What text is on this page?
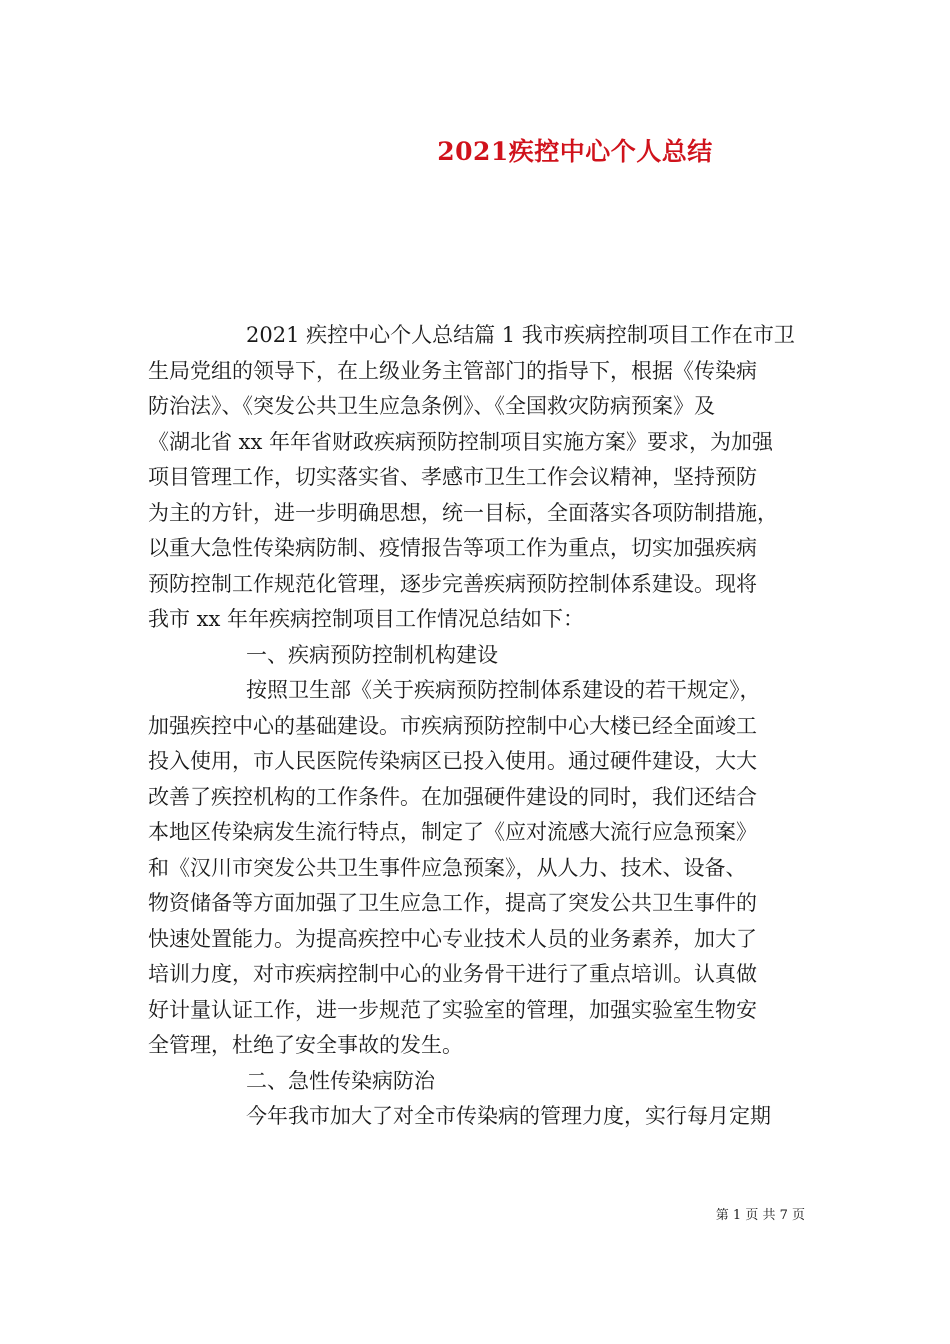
2021疾控中心个人总结
2021 疾控中心个人总结篇 1 我市疾病控制项目工作在市卫
生局党组的领导下，在上级业务主管部门的指导下，根据《传染病
防治法》、《突发公共卫生应急条例》、《全国救灾防病预案》及
《湖北省 xx 年年省财政疾病预防控制项目实施方案》要求，为加强
项目管理工作，切实落实省、孝感市卫生工作会议精神，坚持预防
为主的方针，进一步明确思想，统一目标，全面落实各项防制措施，
以重大急性传染病防制、疫情报告等项工作为重点，切实加强疾病
预防控制工作规范化管理，逐步完善疾病预防控制体系建设。现将
我市 xx 年年疾病控制项目工作情况总结如下：
一、疾病预防控制机构建设
按照卫生部《关于疾病预防控制体系建设的若干规定》，
加强疾控中心的基础建设。市疾病预防控制中心大楼已经全面竣工
投入使用，市人民医院传染病区已投入使用。通过硬件建设，大大
改善了疾控机构的工作条件。在加强硬件建设的同时，我们还结合
本地区传染病发生流行特点，制定了《应对流感大流行应急预案》
和《汉川市突发公共卫生事件应急预案》，从人力、技术、设备、
物资储备等方面加强了卫生应急工作，提高了突发公共卫生事件的
快速处置能力。为提高疾控中心专业技术人员的业务素养，加大了
培训力度，对市疾病控制中心的业务骨干进行了重点培训。认真做
好计量认证工作，进一步规范了实验室的管理，加强实验室生物安
全管理，杜绝了安全事故的发生。
二、急性传染病防治
今年我市加大了对全市传染病的管理力度，实行每月定期
第 1 页 共 7 页
